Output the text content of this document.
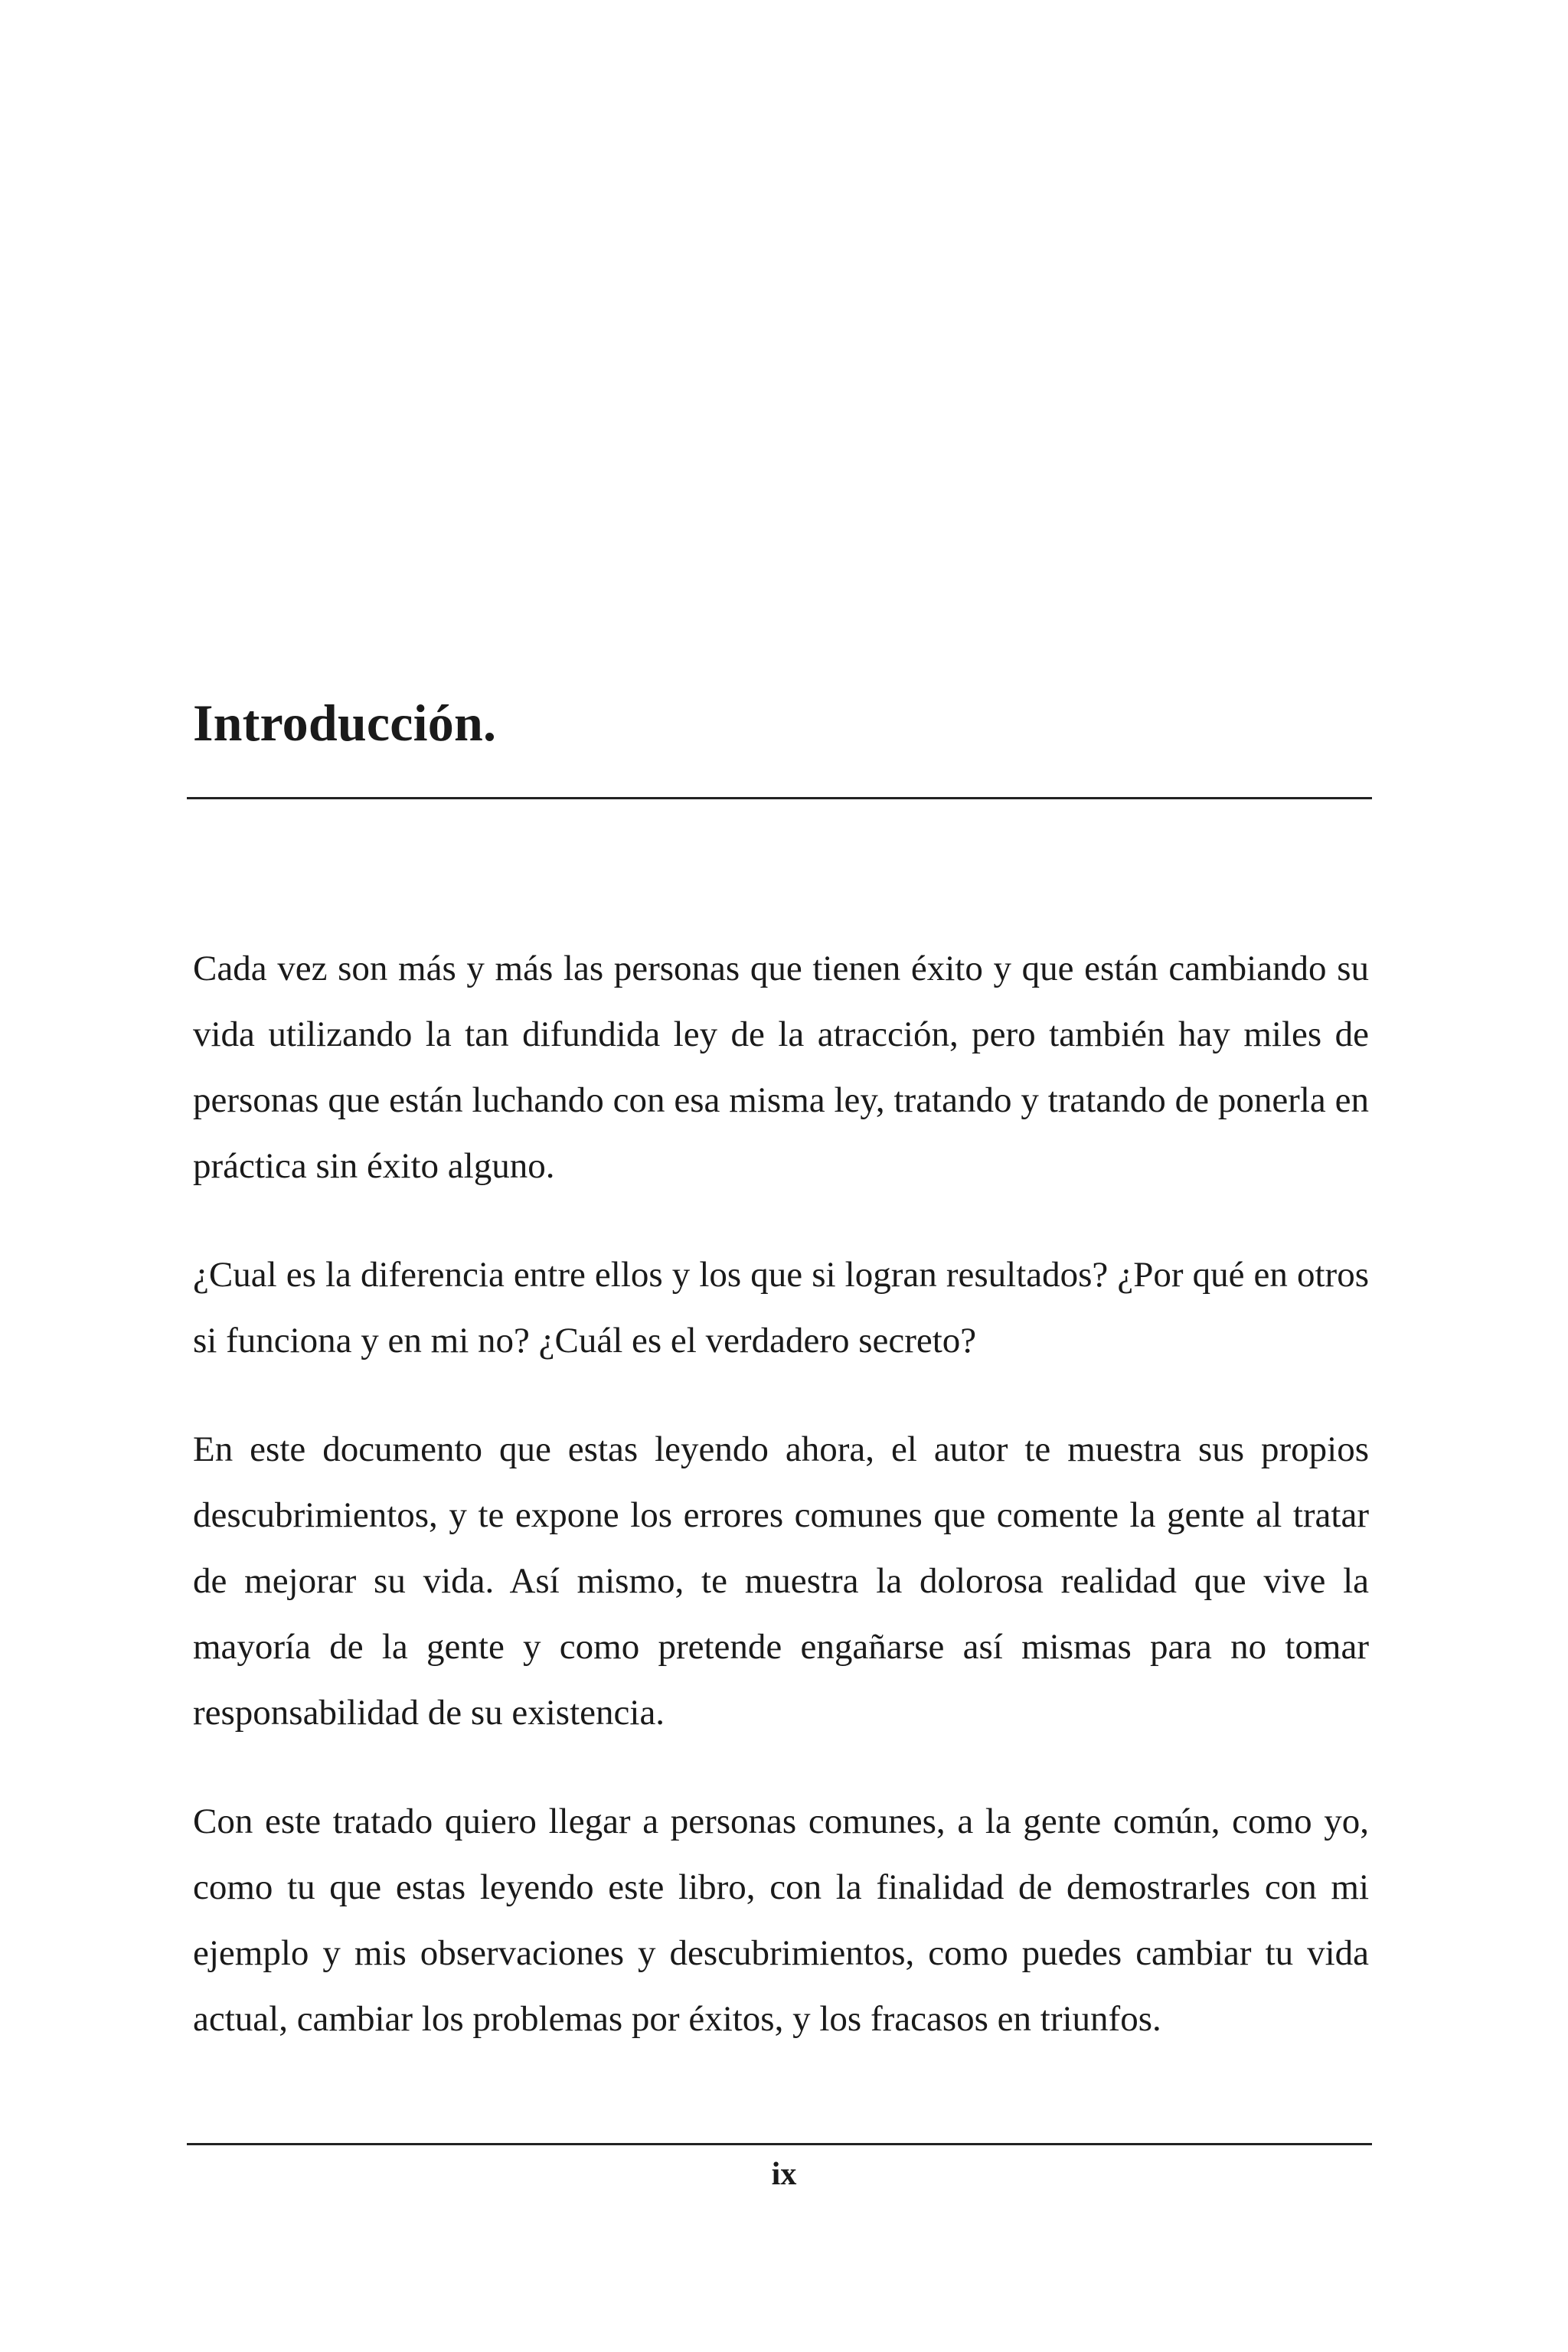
Introducción.

Cada vez son más y más las personas que tienen éxito y que están cambiando su vida utilizando la tan difundida ley de la atracción, pero también hay miles de personas que están luchando con esa misma ley, tratando y tratando de ponerla en práctica sin éxito alguno.

¿Cual es la diferencia entre ellos y los que si logran resultados? ¿Por qué en otros si funciona y en mi no? ¿Cuál es el verdadero secreto?

En este documento que estas leyendo ahora, el autor te muestra sus propios descubrimientos, y te expone los errores comunes que comente la gente al tratar de mejorar su vida. Así mismo, te muestra la dolorosa realidad que vive la mayoría de la gente y como pretende engañarse así mismas para no tomar responsabilidad de su existencia.

Con este tratado quiero llegar a personas comunes, a la gente común, como yo, como tu que estas leyendo este libro, con la finalidad de demostrarles con mi ejemplo y mis observaciones y descubrimientos, como puedes cambiar tu vida actual, cambiar los problemas por éxitos, y los fracasos en triunfos.

ix
